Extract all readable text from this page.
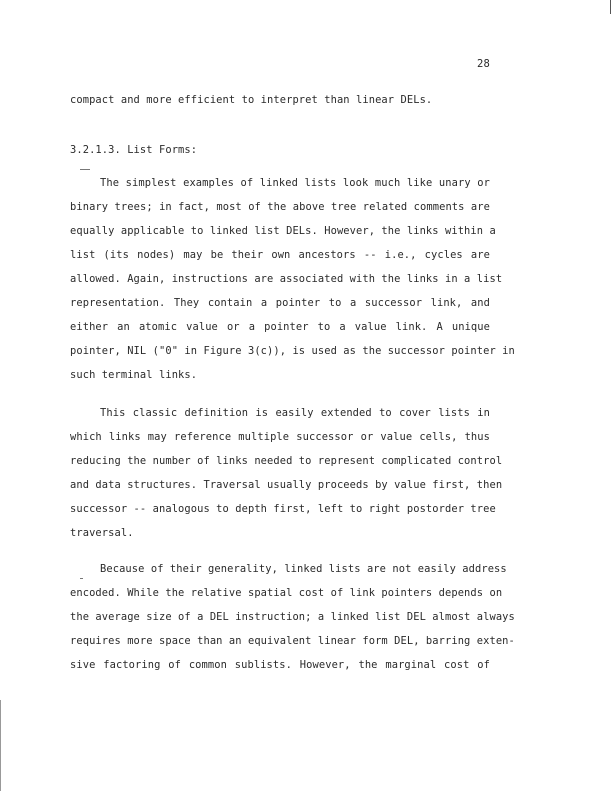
28
compact and more efficient to interpret than linear DELs.
3.2.1.3. List Forms:
The simplest examples of linked lists look much like unary or
binary trees; in fact, most of the above tree related comments are
equally applicable to linked list DELs. However, the links within a
list (its nodes) may be their own ancestors -- i.e., cycles are
allowed. Again, instructions are associated with the links in a list
representation. They contain a pointer to a successor link, and
either an atomic value or a pointer to a value link. A unique
pointer, NIL ("0" in Figure 3(c)), is used as the successor pointer in
such terminal links.
This classic definition is easily extended to cover lists in
which links may reference multiple successor or value cells, thus
reducing the number of links needed to represent complicated control
and data structures. Traversal usually proceeds by value first, then
successor -- analogous to depth first, left to right postorder tree
traversal.
Because of their generality, linked lists are not easily address
encoded. While the relative spatial cost of link pointers depends on
the average size of a DEL instruction; a linked list DEL almost always
requires more space than an equivalent linear form DEL, barring exten-
sive factoring of common sublists. However, the marginal cost of
